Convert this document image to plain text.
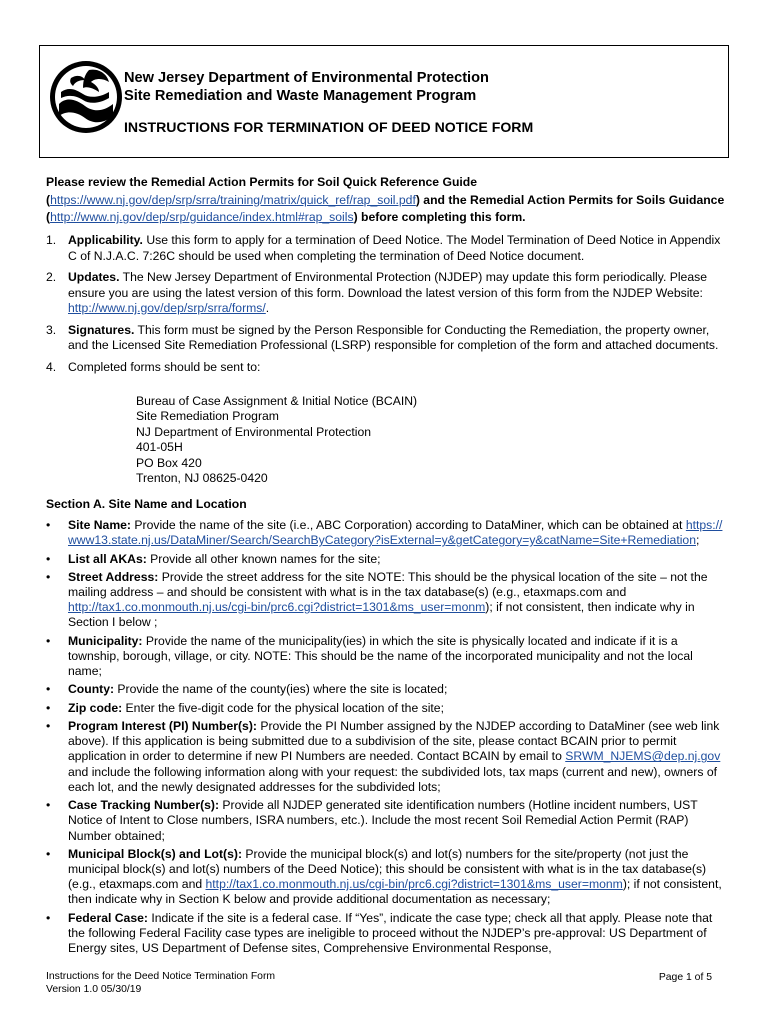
New Jersey Department of Environmental Protection
Site Remediation and Waste Management Program
INSTRUCTIONS FOR TERMINATION OF DEED NOTICE FORM
Please review the Remedial Action Permits for Soil Quick Reference Guide
(https://www.nj.gov/dep/srp/srra/training/matrix/quick_ref/rap_soil.pdf) and the Remedial Action Permits for Soils Guidance (http://www.nj.gov/dep/srp/guidance/index.html#rap_soils) before completing this form.
1. Applicability. Use this form to apply for a termination of Deed Notice. The Model Termination of Deed Notice in Appendix C of N.J.A.C. 7:26C should be used when completing the termination of Deed Notice document.
2. Updates. The New Jersey Department of Environmental Protection (NJDEP) may update this form periodically. Please ensure you are using the latest version of this form. Download the latest version of this form from the NJDEP Website: http://www.nj.gov/dep/srp/srra/forms/.
3. Signatures. This form must be signed by the Person Responsible for Conducting the Remediation, the property owner, and the Licensed Site Remediation Professional (LSRP) responsible for completion of the form and attached documents.
4. Completed forms should be sent to:
Bureau of Case Assignment & Initial Notice (BCAIN)
Site Remediation Program
NJ Department of Environmental Protection
401-05H
PO Box 420
Trenton, NJ 08625-0420
Section A. Site Name and Location
• Site Name: Provide the name of the site (i.e., ABC Corporation) according to DataMiner, which can be obtained at https://www13.state.nj.us/DataMiner/Search/SearchByCategory?isExternal=y&getCategory=y&catName=Site+Remediation;
• List all AKAs: Provide all other known names for the site;
• Street Address: Provide the street address for the site NOTE: This should be the physical location of the site – not the mailing address – and should be consistent with what is in the tax database(s) (e.g., etaxmaps.com and http://tax1.co.monmouth.nj.us/cgi-bin/prc6.cgi?district=1301&ms_user=monm); if not consistent, then indicate why in Section I below ;
• Municipality: Provide the name of the municipality(ies) in which the site is physically located and indicate if it is a township, borough, village, or city. NOTE: This should be the name of the incorporated municipality and not the local name;
• County: Provide the name of the county(ies) where the site is located;
• Zip code: Enter the five-digit code for the physical location of the site;
• Program Interest (PI) Number(s): Provide the PI Number assigned by the NJDEP according to DataMiner (see web link above). If this application is being submitted due to a subdivision of the site, please contact BCAIN prior to permit application in order to determine if new PI Numbers are needed. Contact BCAIN by email to SRWM_NJEMS@dep.nj.gov and include the following information along with your request: the subdivided lots, tax maps (current and new), owners of each lot, and the newly designated addresses for the subdivided lots;
• Case Tracking Number(s): Provide all NJDEP generated site identification numbers (Hotline incident numbers, UST Notice of Intent to Close numbers, ISRA numbers, etc.). Include the most recent Soil Remedial Action Permit (RAP) Number obtained;
• Municipal Block(s) and Lot(s): Provide the municipal block(s) and lot(s) numbers for the site/property (not just the municipal block(s) and lot(s) numbers of the Deed Notice); this should be consistent with what is in the tax database(s) (e.g., etaxmaps.com and http://tax1.co.monmouth.nj.us/cgi-bin/prc6.cgi?district=1301&ms_user=monm); if not consistent, then indicate why in Section K below and provide additional documentation as necessary;
• Federal Case: Indicate if the site is a federal case. If “Yes”, indicate the case type; check all that apply. Please note that the following Federal Facility case types are ineligible to proceed without the NJDEP’s pre-approval: US Department of Energy sites, US Department of Defense sites, Comprehensive Environmental Response,
Instructions for the Deed Notice Termination Form
Version 1.0 05/30/19
Page 1 of 5
